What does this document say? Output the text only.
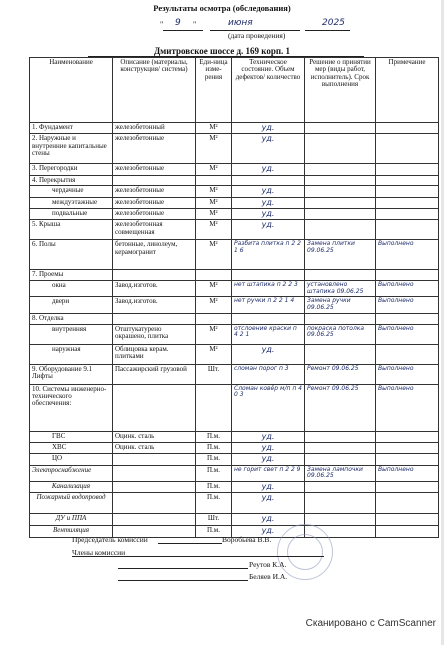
Результаты осмотра (обследования)
" 9 "	июня	2025
(дата проведения)
Дмитровское шоссе д. 169 корп. 1
Наименование	Описание (материалы, конструкция/ система)	Еди-ница изме-рения	Техническое состояние. Объем дефектов/ количество	Решение о принятии мер (виды работ, исполнитель). Срок выполнения	Примечание
1. Фундамент	железобетонный	М²	уд.		
2. Наружные и внутренние капитальные стены	железобетонные	М²	уд.		
3. Перегородки	железобетонные	М²	уд.		
4. Перекрытия					
чердачные	железобетонные	М²	уд.		
междуэтажные	железобетонные	М²	уд.		
подвальные	железобетонные	М²	уд.		
5. Крыша	железобетонная совмещенная	М²	уд.		
6. Полы	бетонные, линолеум, керамогранит	М²	Разбита плитка п 2 2 1 6	Замена плитки 09.06.25	Выполнено
7. Проемы					
окна	Завод.изготов.	М²	нет штапика п 2 2 3	установлено штапика 09.06.25	Выполнено
двери	Завод.изготов.	М²	нет ручки п 2 2 1 4	Замена ручки 09.06.25	Выполнено
8. Отделка					
внутренняя	Отштукатурено окрашено, плитка	М²	отслоение краски п 4 2 1	покраска потолка 09.06.25	Выполнено
наружная	Облицовка керам. плитками	М²	уд.		
9. Оборудование 9.1 Лифты	Пассажирский грузовой	Шт.	сломан порог п 3	Ремонт 09.06.25	Выполнено
10. Системы инженерно-технического обеспечения:			Сломан ковёр м/п п 4 0 3	Ремонт 09.06.25	Выполнено
ГВС	Оцинк. сталь	П.м.	уд.		
ХВС	Оцинк. сталь	П.м.	уд.		
ЦО		П.м.	уд.		
Электроснабжение		П.м.	не горит свет п 2 2 9	Замена лампочки 09.06.25	Выполнено
Канализация		П.м.	уд.		
Пожарный водопровод		П.м.	уд.		
ДУ и ППА		Шт.	уд.		
Вентиляция		П.м.	уд.		
Председатель комиссии	Воробьева В.В.
Члены комиссии
Реутов К.А.
Беляев И.А.
Сканировано с CamScanner
